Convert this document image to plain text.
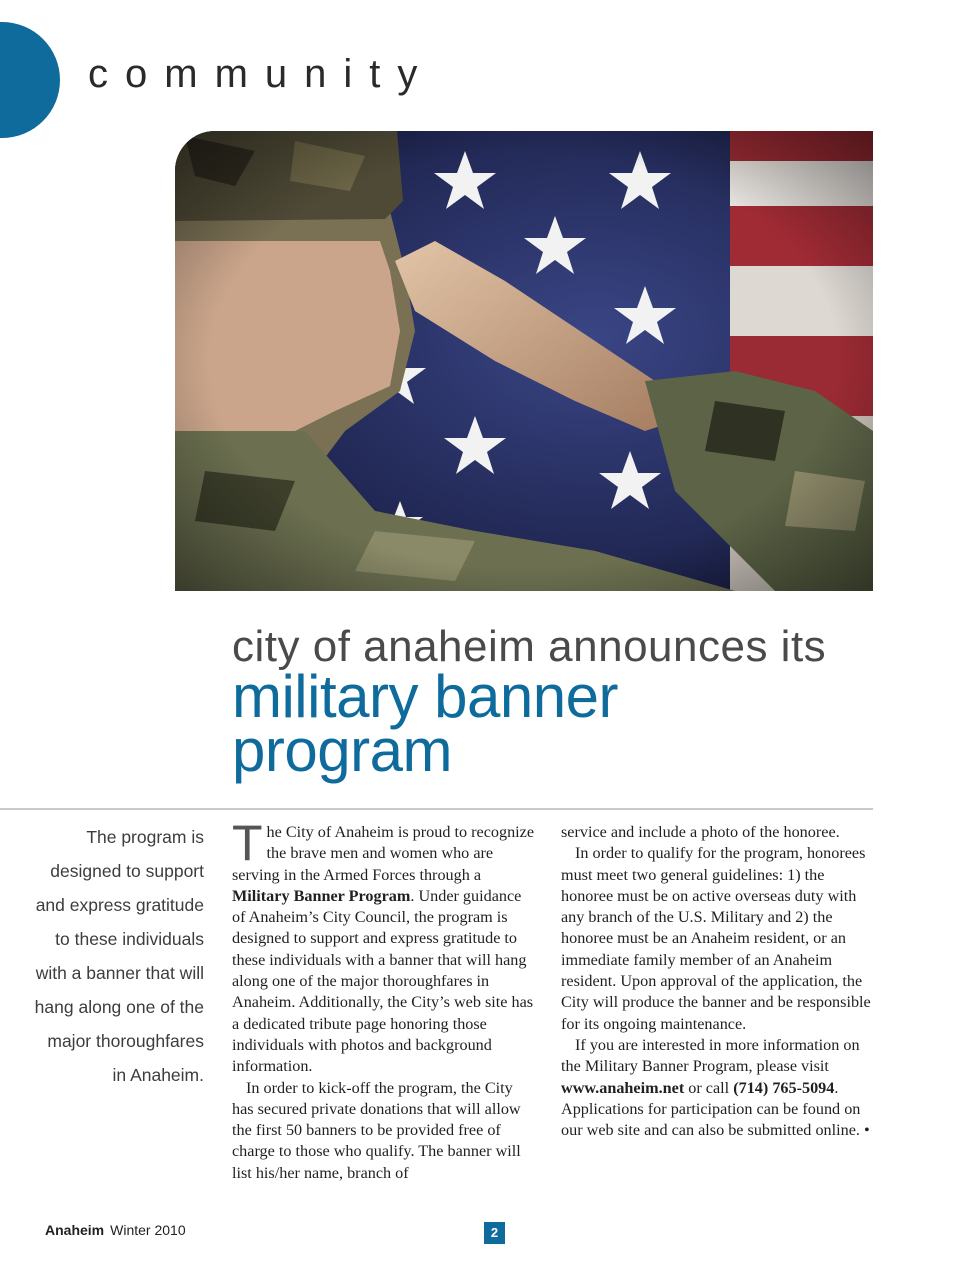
community
city of anaheim announces its
military banner
program
The program is designed to support and express gratitude to these individuals with a banner that will hang along one of the major thoroughfares in Anaheim.

The City of Anaheim is proud to recognize the brave men and women who are serving in the Armed Forces through a Military Banner Program. Under guidance of Anaheim’s City Council, the program is designed to support and express gratitude to these individuals with a banner that will hang along one of the major thoroughfares in Anaheim. Additionally, the City’s web site has a dedicated tribute page honoring those individuals with photos and background information.

In order to kick-off the program, the City has secured private donations that will allow the first 50 banners to be provided free of charge to those who qualify. The banner will list his/her name, branch of

service and include a photo of the honoree.

In order to qualify for the program, honorees must meet two general guidelines: 1) the honoree must be on active overseas duty with any branch of the U.S. Military and 2) the honoree must be an Anaheim resident, or an immediate family member of an Anaheim resident. Upon approval of the application, the City will produce the banner and be responsible for its ongoing maintenance.

If you are interested in more information on the Military Banner Program, please visit www.anaheim.net or call (714) 765-5094. Applications for participation can be found on our web site and can also be submitted online. •

Anaheim Winter 2010	2
